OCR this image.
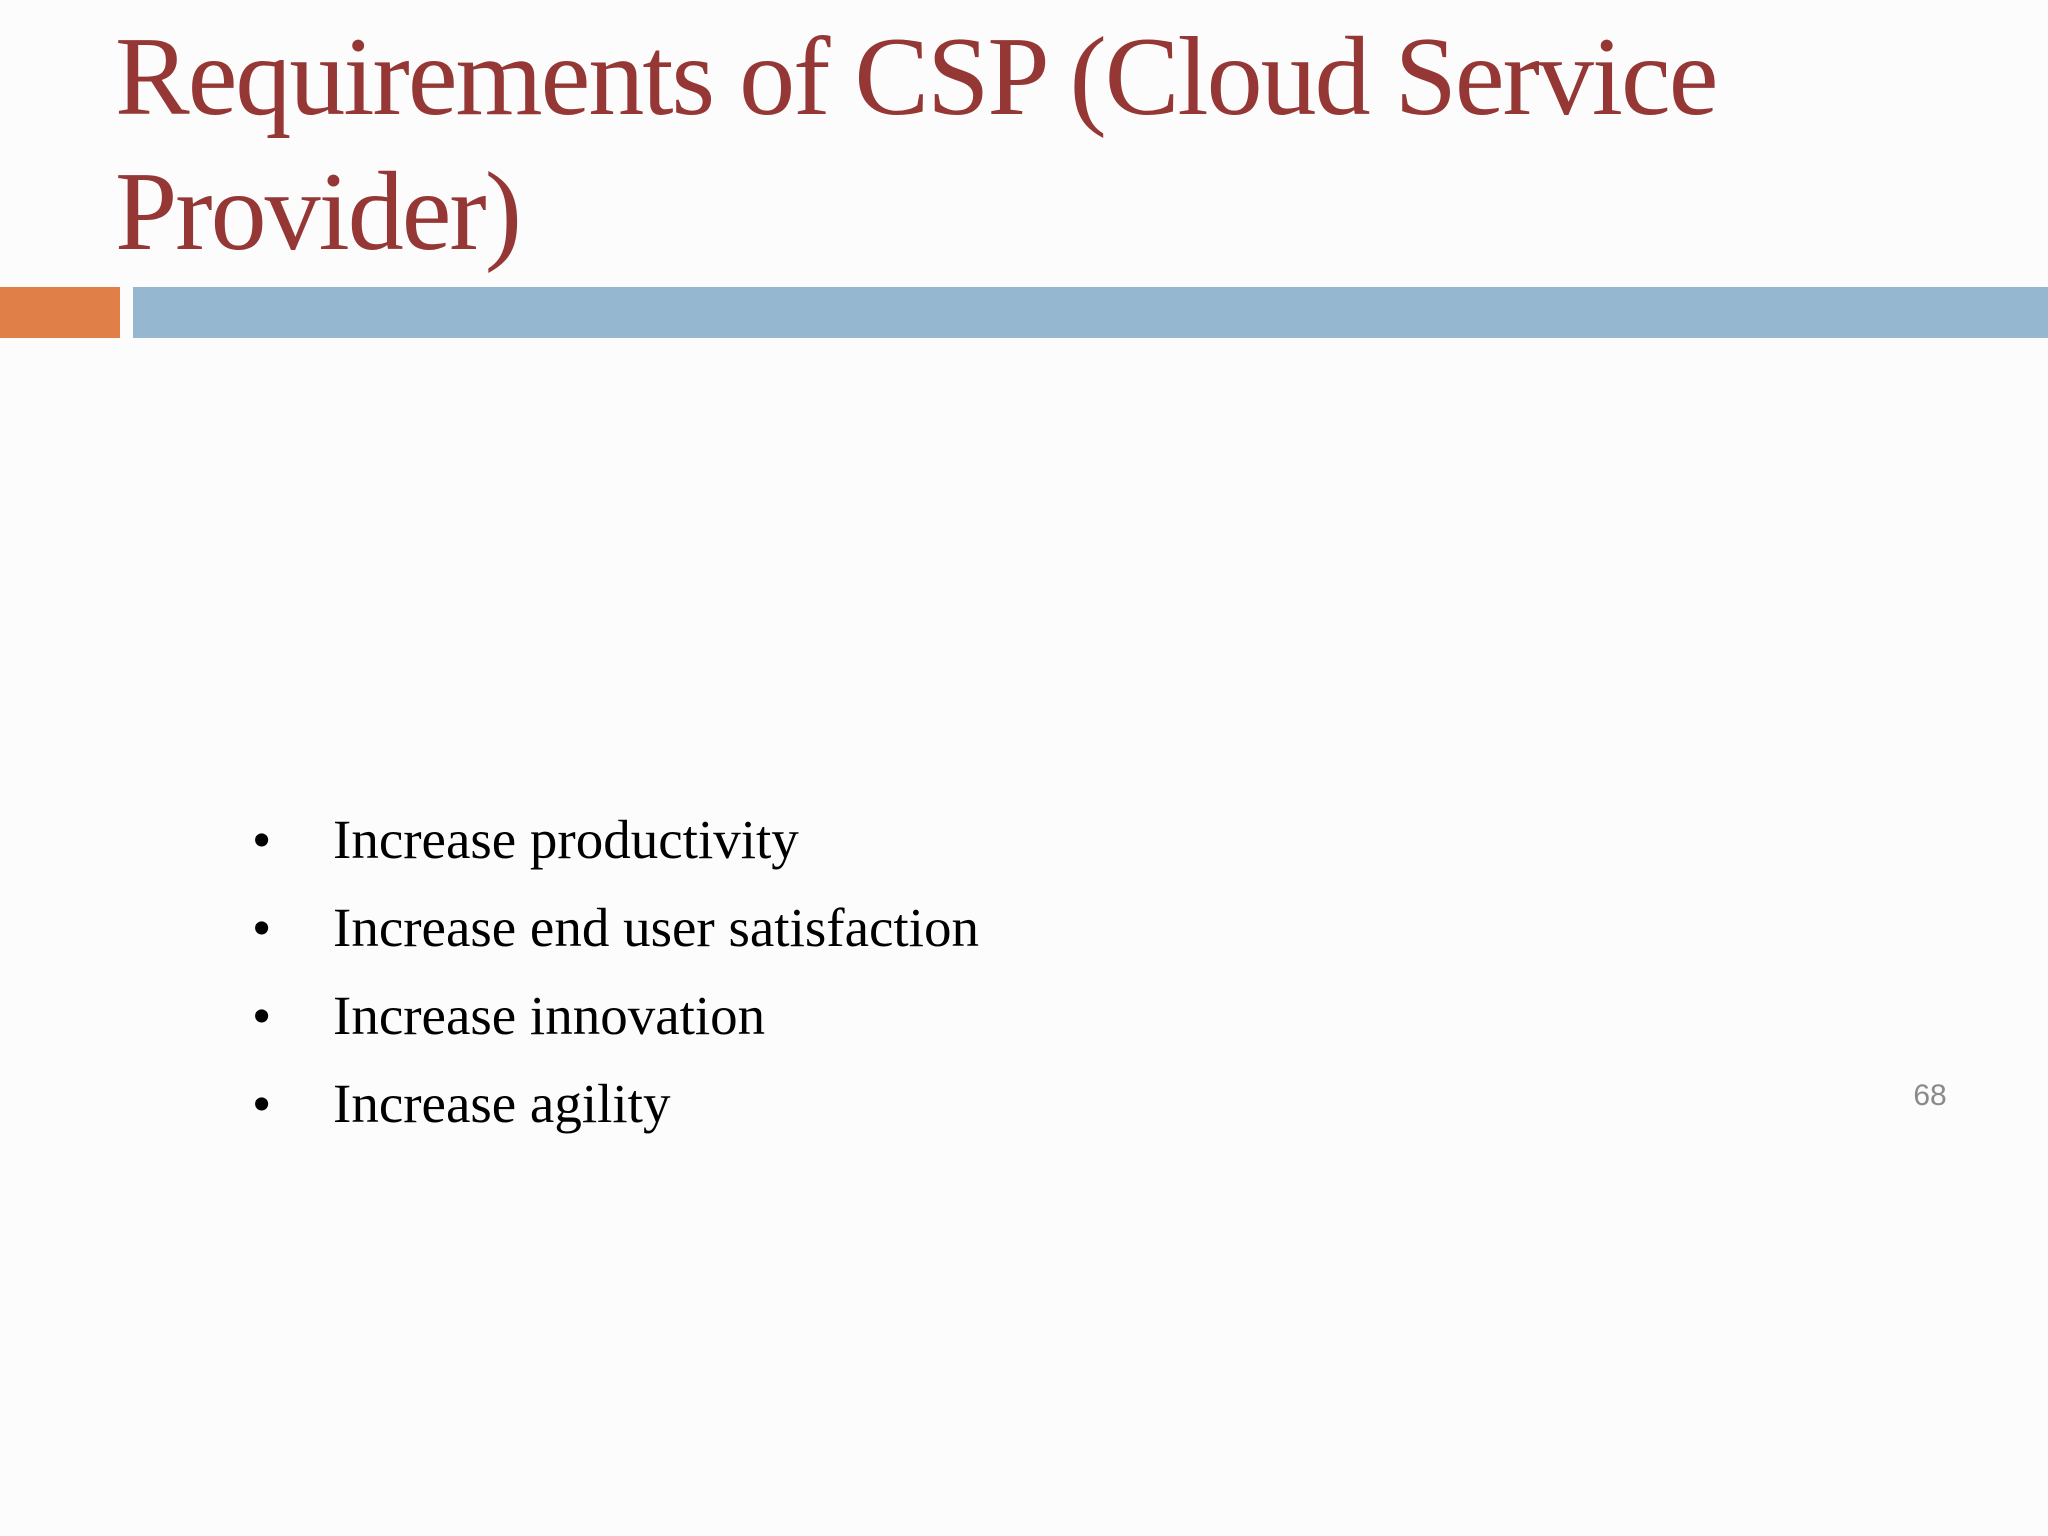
Requirements of CSP (Cloud Service Provider)
• Increase productivity
• Increase end user satisfaction
• Increase innovation
• Increase agility	68
